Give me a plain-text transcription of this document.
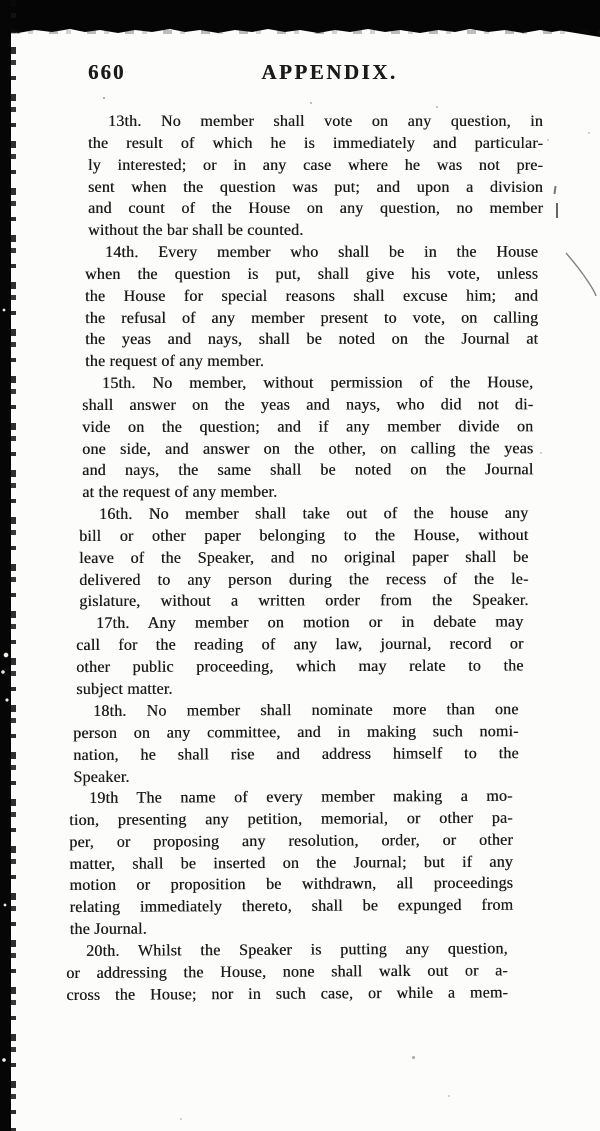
660	APPENDIX.
13th. No member shall vote on any question, in
the result of which he is immediately and particular-
ly interested; or in any case where he was not pre-
sent when the question was put; and upon a division
and count of the House on any question, no member
without the bar shall be counted.
14th. Every member who shall be in the House
when the question is put, shall give his vote, unless
the House for special reasons shall excuse him; and
the refusal of any member present to vote, on calling
the yeas and nays, shall be noted on the Journal at
the request of any member.
15th. No member, without permission of the House,
shall answer on the yeas and nays, who did not di-
vide on the question; and if any member divide on
one side, and answer on the other, on calling the yeas
and nays, the same shall be noted on the Journal
at the request of any member.
16th. No member shall take out of the house any
bill or other paper belonging to the House, without
leave of the Speaker, and no original paper shall be
delivered to any person during the recess of the le-
gislature, without a written order from the Speaker.
17th. Any member on motion or in debate may
call for the reading of any law, journal, record or
other public proceeding, which may relate to the
subject matter.
18th. No member shall nominate more than one
person on any committee, and in making such nomi-
nation, he shall rise and address himself to the
Speaker.
19th The name of every member making a mo-
tion, presenting any petition, memorial, or other pa-
per, or proposing any resolution, order, or other
matter, shall be inserted on the Journal; but if any
motion or proposition be withdrawn, all proceedings
relating immediately thereto, shall be expunged from
the Journal.
20th. Whilst the Speaker is putting any question,
or addressing the House, none shall walk out or a-
cross the House; nor in such case, or while a mem-
